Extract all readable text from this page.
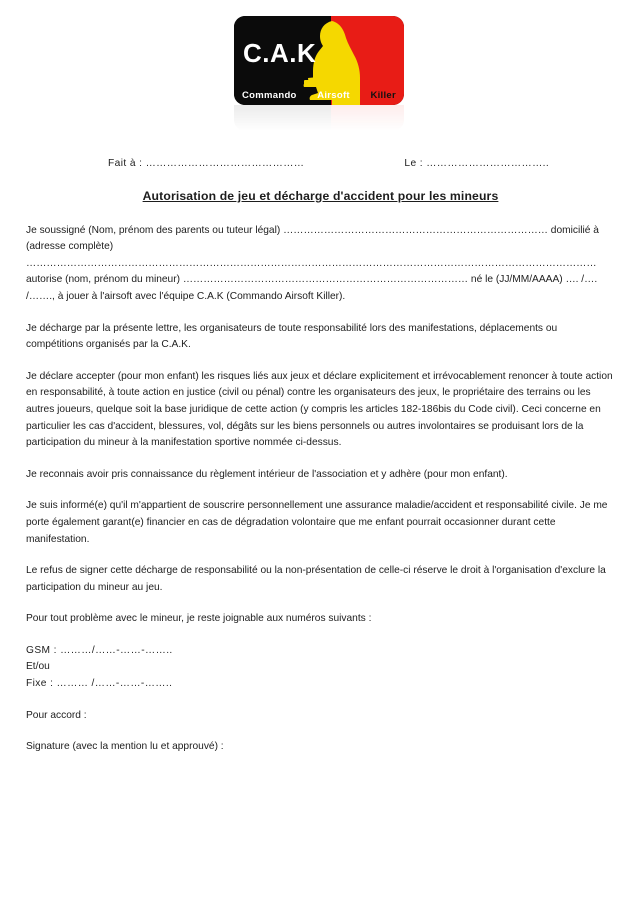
C.A.K
Commando Airsoft Killer
Fait à : ………………………………………	Le : ……………………………..
Autorisation de jeu et décharge d'accident pour les mineurs

Je soussigné (Nom, prénom des parents ou tuteur légal) …………………………………………………………………… domicilié à (adresse complète) …………………………………………………………………………………………………………………………………………………… autorise (nom, prénom du mineur) ………………………………………………………………………… né le (JJ/MM/AAAA) …. /…. /……., à jouer à l'airsoft avec l'équipe C.A.K (Commando Airsoft Killer).

Je décharge par la présente lettre, les organisateurs de toute responsabilité lors des manifestations, déplacements ou compétitions organisés par la C.A.K.

Je déclare accepter (pour mon enfant) les risques liés aux jeux et déclare explicitement et irrévocablement renoncer à toute action en responsabilité, à toute action en justice (civil ou pénal) contre les organisateurs des jeux, le propriétaire des terrains ou les autres joueurs, quelque soit la base juridique de cette action (y compris les articles 182-186bis du Code civil). Ceci concerne en particulier les cas d'accident, blessures, vol, dégâts sur les biens personnels ou autres involontaires se produisant lors de la participation du mineur à la manifestation sportive nommée ci-dessus.

Je reconnais avoir pris connaissance du règlement intérieur de l'association et y adhère (pour mon enfant).

Je suis informé(e) qu'il m'appartient de souscrire personnellement une assurance maladie/accident et responsabilité civile. Je me porte également garant(e) financier en cas de dégradation volontaire que me enfant pourrait occasionner durant cette manifestation.

Le refus de signer cette décharge de responsabilité ou la non-présentation de celle-ci réserve le droit à l'organisation d'exclure la participation du mineur au jeu.

Pour tout problème avec le mineur, je reste joignable aux numéros suivants :

GSM : ………/……-……-……..
Et/ou
Fixe : ……… /……-……-……..

Pour accord :

Signature (avec la mention lu et approuvé) :
